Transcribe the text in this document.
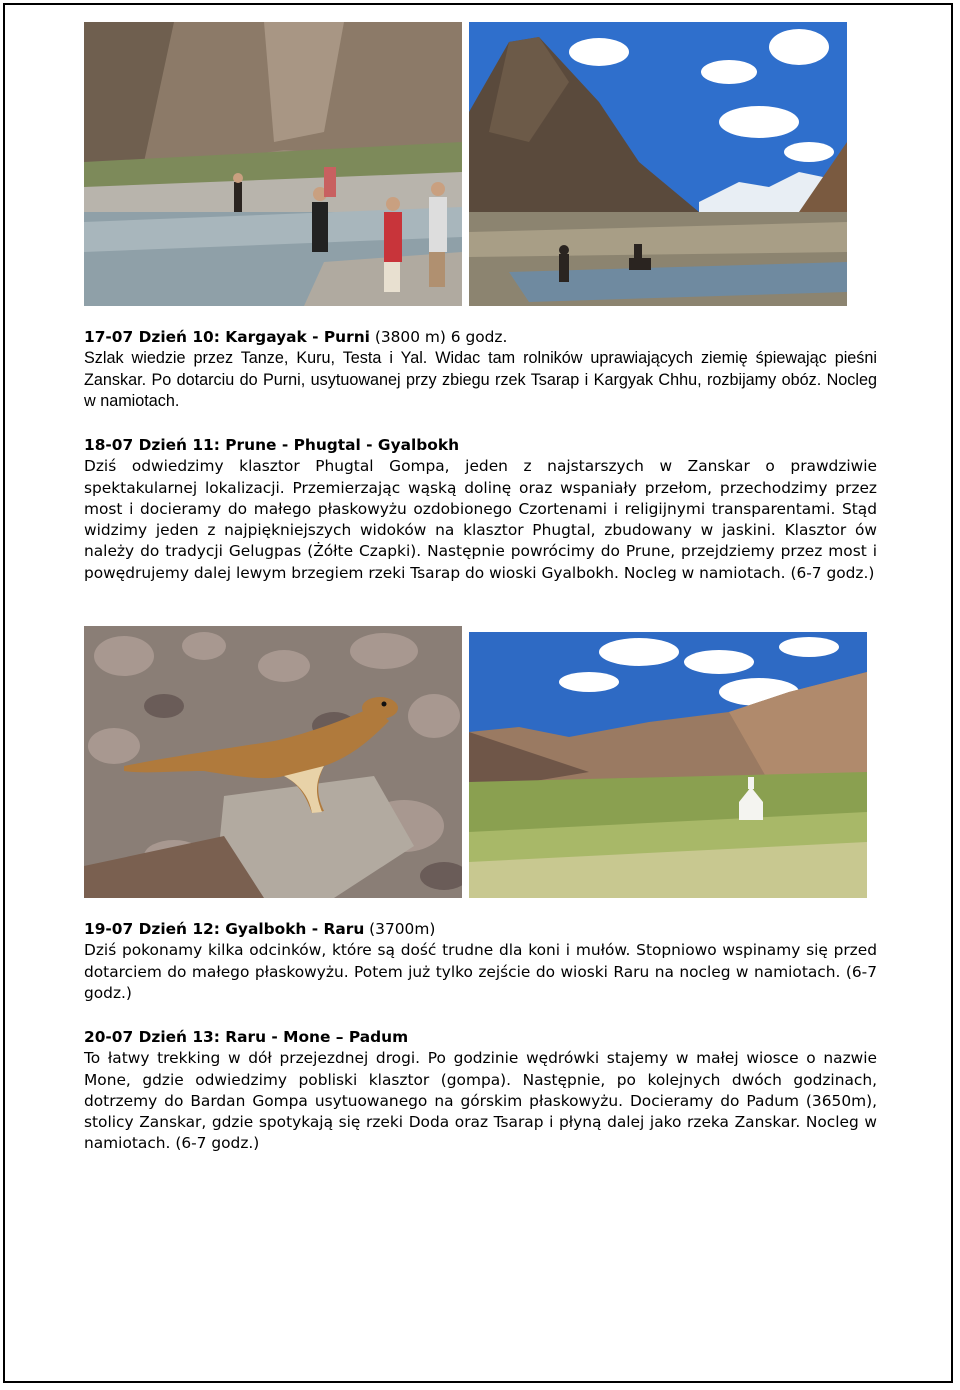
17-07 Dzień 10: Kargayak - Purni (3800 m) 6 godz.

Szlak wiedzie przez Tanze, Kuru, Testa i Yal. Widac tam rolników uprawiających ziemię śpiewając pieśni Zanskar. Po dotarciu do Purni, usytuowanej przy zbiegu rzek Tsarap i Kargyak Chhu, rozbijamy obóz. Nocleg w namiotach.

18-07 Dzień 11: Prune - Phugtal - Gyalbokh

Dziś odwiedzimy klasztor Phugtal Gompa, jeden z najstarszych w Zanskar o prawdziwie spektakularnej lokalizacji. Przemierzając wąską dolinę oraz wspaniały przełom, przechodzimy przez most i docieramy do małego płaskowyżu ozdobionego Czortenami i religijnymi transparentami. Stąd widzimy jeden z najpiękniejszych widoków na klasztor Phugtal, zbudowany w jaskini. Klasztor ów należy do tradycji Gelugpas (Żółte Czapki). Następnie powrócimy do Prune, przejdziemy przez most i powędrujemy dalej lewym brzegiem rzeki Tsarap do wioski Gyalbokh. Nocleg w namiotach. (6-7 godz.)

19-07 Dzień 12: Gyalbokh - Raru (3700m)

Dziś pokonamy kilka odcinków, które są dość trudne dla koni i mułów. Stopniowo wspinamy się przed dotarciem do małego płaskowyżu. Potem już tylko zejście do wioski Raru na nocleg w namiotach. (6-7 godz.)

20-07 Dzień 13: Raru - Mone – Padum

To łatwy trekking w dół przejezdnej drogi. Po godzinie wędrówki stajemy w małej wiosce o nazwie Mone, gdzie odwiedzimy pobliski klasztor (gompa). Następnie, po kolejnych dwóch godzinach, dotrzemy do Bardan Gompa usytuowanego na górskim płaskowyżu. Docieramy do Padum (3650m), stolicy Zanskar, gdzie spotykają się rzeki Doda oraz Tsarap i płyną dalej jako rzeka Zanskar. Nocleg w namiotach. (6-7 godz.)
